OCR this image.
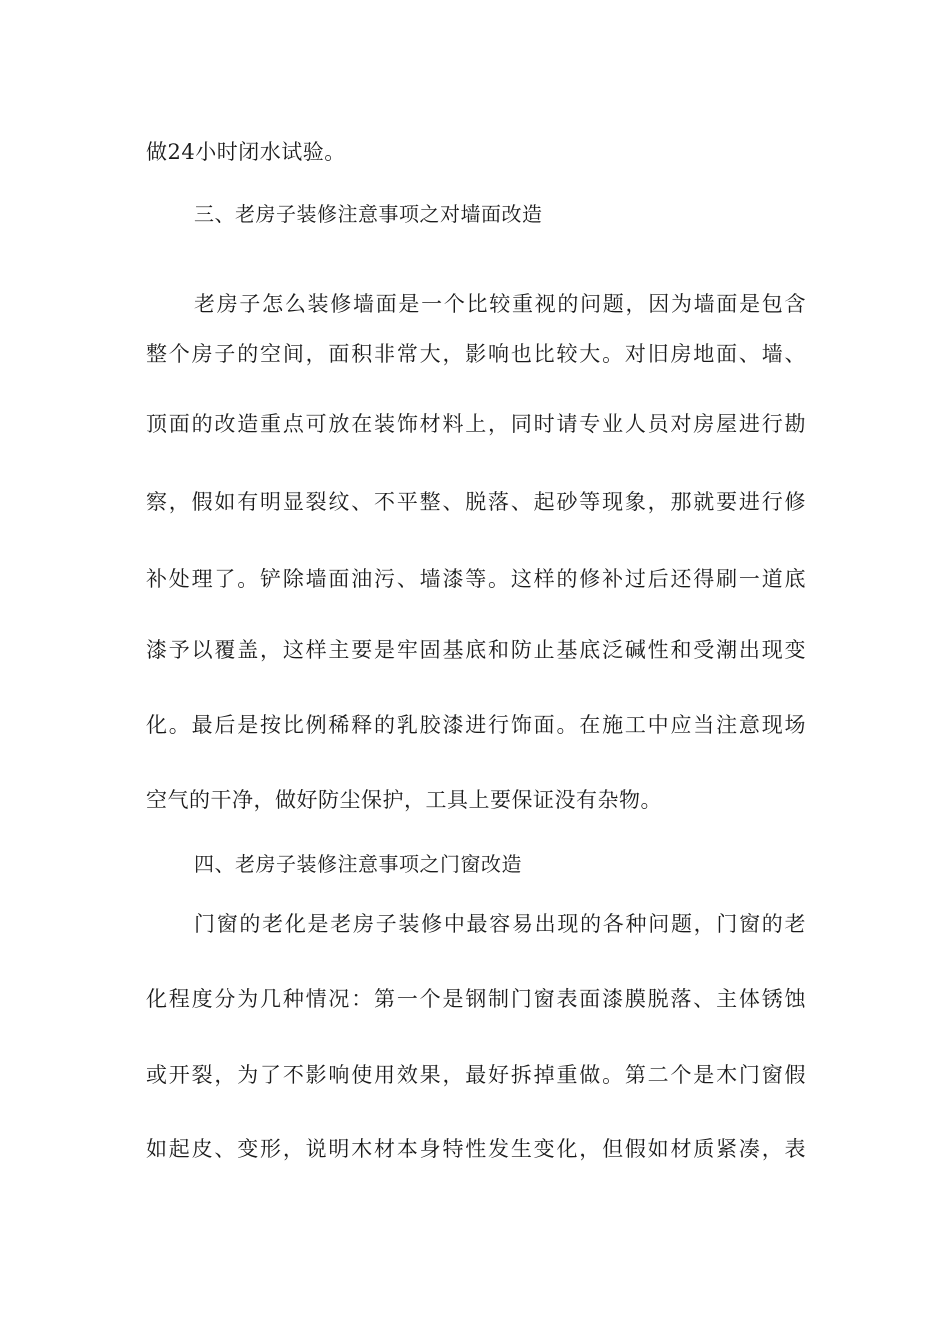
做24小时闭水试验。
三、老房子装修注意事项之对墙面改造
老房子怎么装修墙面是一个比较重视的问题，因为墙面是包含
整个房子的空间，面积非常大，影响也比较大。对旧房地面、墙、
顶面的改造重点可放在装饰材料上，同时请专业人员对房屋进行勘
察，假如有明显裂纹、不平整、脱落、起砂等现象，那就要进行修
补处理了。铲除墙面油污、墙漆等。这样的修补过后还得刷一道底
漆予以覆盖，这样主要是牢固基底和防止基底泛碱性和受潮出现变
化。最后是按比例稀释的乳胶漆进行饰面。在施工中应当注意现场
空气的干净，做好防尘保护，工具上要保证没有杂物。
四、老房子装修注意事项之门窗改造
门窗的老化是老房子装修中最容易出现的各种问题，门窗的老
化程度分为几种情况：第一个是钢制门窗表面漆膜脱落、主体锈蚀
或开裂，为了不影响使用效果，最好拆掉重做。第二个是木门窗假
如起皮、变形，说明木材本身特性发生变化，但假如材质紧凑，表
